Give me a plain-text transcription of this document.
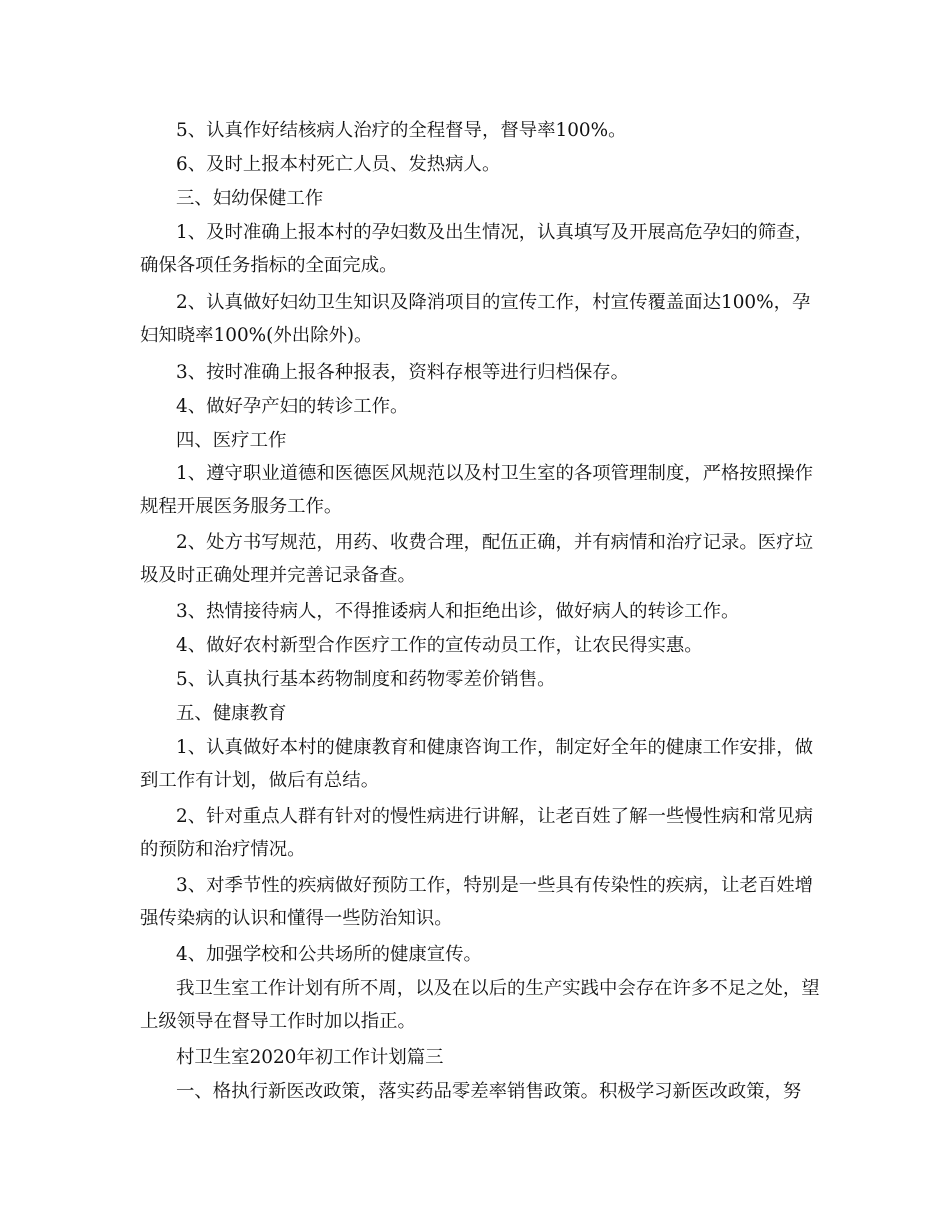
5、认真作好结核病人治疗的全程督导，督导率100%。

6、及时上报本村死亡人员、发热病人。

三、妇幼保健工作

1、及时准确上报本村的孕妇数及出生情况，认真填写及开展高危孕妇的筛查，确保各项任务指标的全面完成。

2、认真做好妇幼卫生知识及降消项目的宣传工作，村宣传覆盖面达100%，孕妇知晓率100%(外出除外)。

3、按时准确上报各种报表，资料存根等进行归档保存。

4、做好孕产妇的转诊工作。

四、医疗工作

1、遵守职业道德和医德医风规范以及村卫生室的各项管理制度，严格按照操作规程开展医务服务工作。

2、处方书写规范，用药、收费合理，配伍正确，并有病情和治疗记录。医疗垃圾及时正确处理并完善记录备查。

3、热情接待病人，不得推诿病人和拒绝出诊，做好病人的转诊工作。

4、做好农村新型合作医疗工作的宣传动员工作，让农民得实惠。

5、认真执行基本药物制度和药物零差价销售。

五、健康教育

1、认真做好本村的健康教育和健康咨询工作，制定好全年的健康工作安排，做到工作有计划，做后有总结。

2、针对重点人群有针对的慢性病进行讲解，让老百姓了解一些慢性病和常见病的预防和治疗情况。

3、对季节性的疾病做好预防工作，特别是一些具有传染性的疾病，让老百姓增强传染病的认识和懂得一些防治知识。

4、加强学校和公共场所的健康宣传。

我卫生室工作计划有所不周，以及在以后的生产实践中会存在许多不足之处，望上级领导在督导工作时加以指正。

村卫生室2020年初工作计划篇三

一、格执行新医改政策，落实药品零差率销售政策。积极学习新医改政策，努
